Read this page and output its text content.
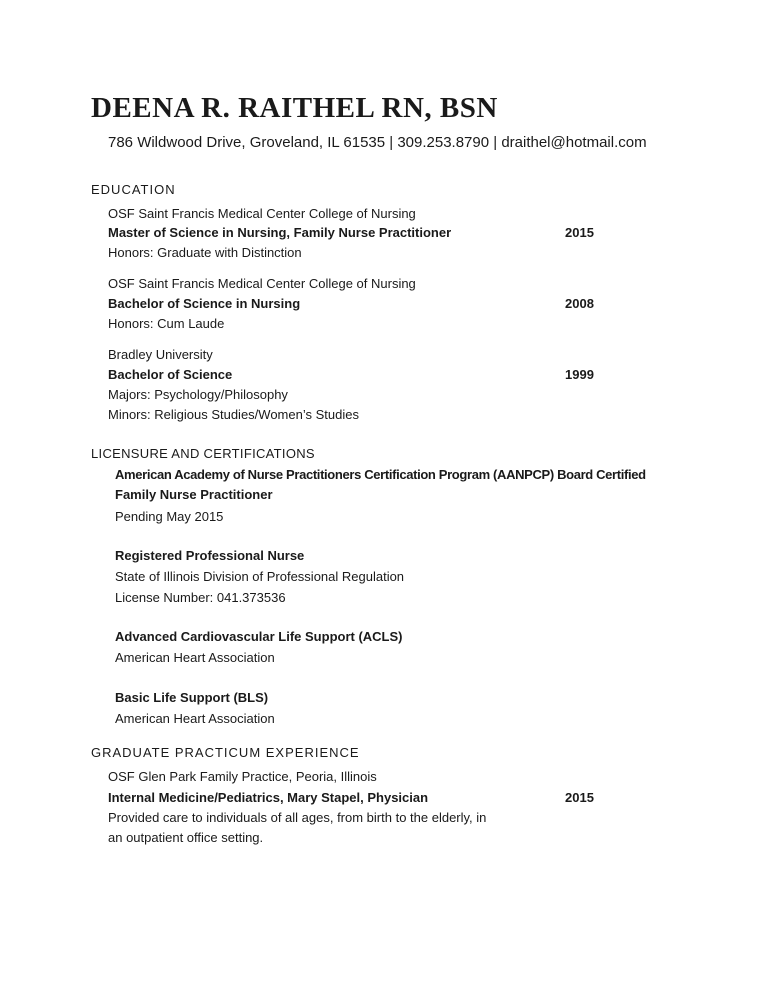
DEENA R. RAITHEL RN, BSN
786 Wildwood Drive, Groveland, IL 61535 | 309.253.8790 | draithel@hotmail.com
EDUCATION
OSF Saint Francis Medical Center College of Nursing
Master of Science in Nursing, Family Nurse Practitioner	2015
Honors: Graduate with Distinction
OSF Saint Francis Medical Center College of Nursing
Bachelor of Science in Nursing	2008
Honors: Cum Laude
Bradley University
Bachelor of Science	1999
Majors: Psychology/Philosophy
Minors: Religious Studies/Women’s Studies
LICENSURE AND CERTIFICATIONS
American Academy of Nurse Practitioners Certification Program (AANPCP) Board Certified
Family Nurse Practitioner
Pending May 2015
Registered Professional Nurse
State of Illinois Division of Professional Regulation
License Number: 041.373536
Advanced Cardiovascular Life Support (ACLS)
American Heart Association
Basic Life Support (BLS)
American Heart Association
GRADUATE PRACTICUM EXPERIENCE
OSF Glen Park Family Practice, Peoria, Illinois
Internal Medicine/Pediatrics, Mary Stapel, Physician	2015
Provided care to individuals of all ages, from birth to the elderly, in
an outpatient office setting.
